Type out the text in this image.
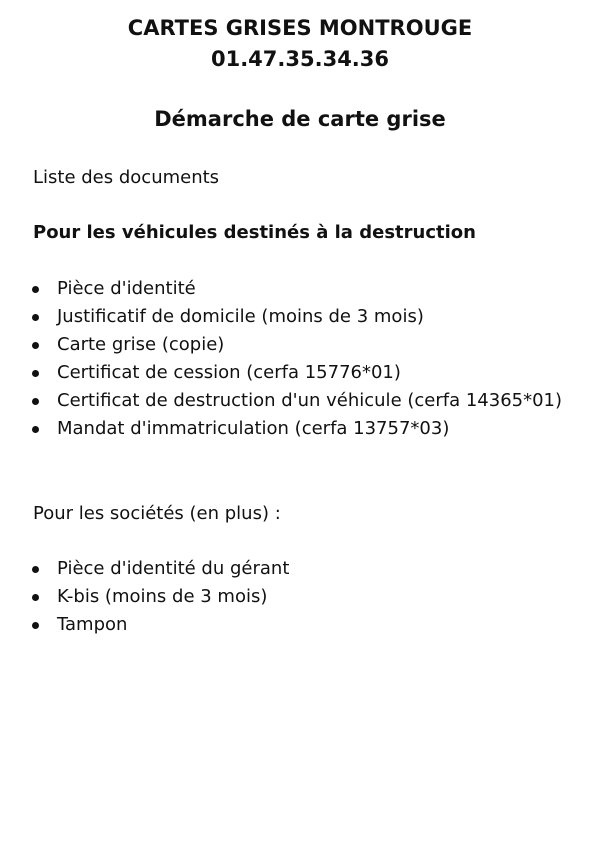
CARTES GRISES MONTROUGE
01.47.35.34.36
Démarche de carte grise
Liste des documents
Pour les véhicules destinés à la destruction
Pièce d'identité
Justificatif de domicile (moins de 3 mois)
Carte grise (copie)
Certificat de cession (cerfa 15776*01)
Certificat de destruction d'un véhicule (cerfa 14365*01)
Mandat d'immatriculation (cerfa 13757*03)
Pour les sociétés (en plus) :
Pièce d'identité du gérant
K-bis (moins de 3 mois)
Tampon
